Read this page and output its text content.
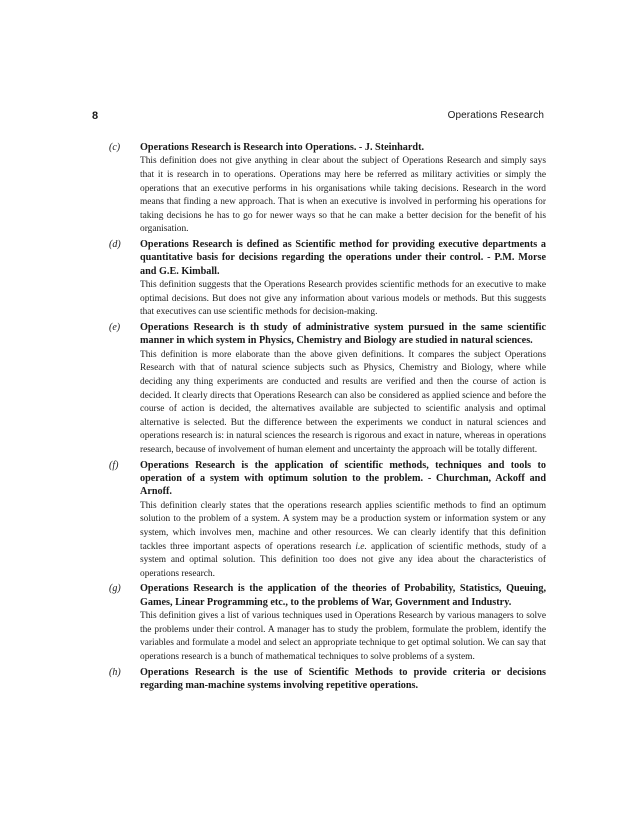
8	Operations Research
(c) Operations Research is Research into Operations. - J. Steinhardt.

This definition does not give anything in clear about the subject of Operations Research and simply says that it is research in to operations. Operations may here be referred as military activities or simply the operations that an executive performs in his organisations while taking decisions. Research in the word means that finding a new approach. That is when an executive is involved in performing his operations for taking decisions he has to go for newer ways so that he can make a better decision for the benefit of his organisation.

(d) Operations Research is defined as Scientific method for providing executive departments a quantitative basis for decisions regarding the operations under their control. - P.M. Morse and G.E. Kimball.

This definition suggests that the Operations Research provides scientific methods for an executive to make optimal decisions. But does not give any information about various models or methods. But this suggests that executives can use scientific methods for decision-making.

(e) Operations Research is th study of administrative system pursued in the same scientific manner in which system in Physics, Chemistry and Biology are studied in natural sciences.

This definition is more elaborate than the above given definitions. It compares the subject Operations Research with that of natural science subjects such as Physics, Chemistry and Biology, where while deciding any thing experiments are conducted and results are verified and then the course of action is decided. It clearly directs that Operations Research can also be considered as applied science and before the course of action is decided, the alternatives available are subjected to scientific analysis and optimal alternative is selected. But the difference between the experiments we conduct in natural sciences and operations research is: in natural sciences the research is rigorous and exact in nature, whereas in operations research, because of involvement of human element and uncertainty the approach will be totally different.

(f) Operations Research is the application of scientific methods, techniques and tools to operation of a system with optimum solution to the problem. - Churchman, Ackoff and Arnoff.

This definition clearly states that the operations research applies scientific methods to find an optimum solution to the problem of a system. A system may be a production system or information system or any system, which involves men, machine and other resources. We can clearly identify that this definition tackles three important aspects of operations research i.e. application of scientific methods, study of a system and optimal solution. This definition too does not give any idea about the characteristics of operations research.

(g) Operations Research is the application of the theories of Probability, Statistics, Queuing, Games, Linear Programming etc., to the problems of War, Government and Industry.

This definition gives a list of various techniques used in Operations Research by various managers to solve the problems under their control. A manager has to study the problem, formulate the problem, identify the variables and formulate a model and select an appropriate technique to get optimal solution. We can say that operations research is a bunch of mathematical techniques to solve problems of a system.

(h) Operations Research is the use of Scientific Methods to provide criteria or decisions regarding man-machine systems involving repetitive operations.
